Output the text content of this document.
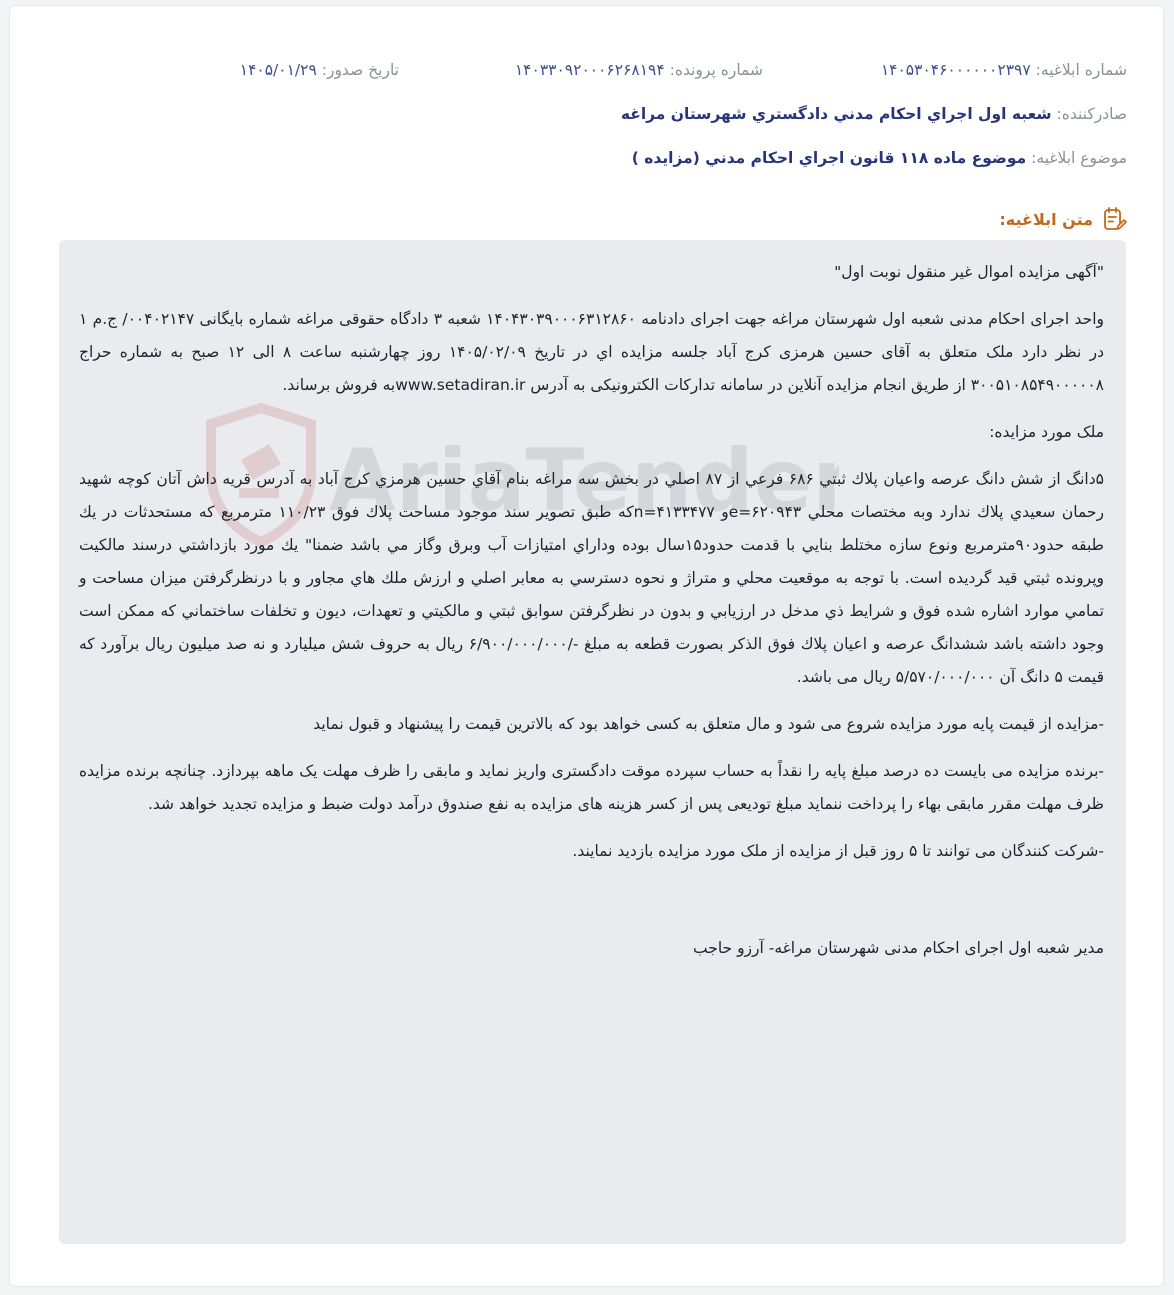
شماره ابلاغيه: ۱۴۰۵۳۰۴۶۰۰۰۰۰۰۲۳۹۷
شماره پرونده: ۱۴۰۳۳۰۹۲۰۰۰۶۲۶۸۱۹۴
تاريخ صدور: ۱۴۰۵/۰۱/۲۹
صادرکننده: شعبه اول اجراي احکام مدني دادگستري شهرستان مراغه
موضوع ابلاغيه: موضوع ماده ۱۱۸ قانون اجراي احکام مدني (مزايده )
متن ابلاغيه:
AriaTender

"آگهی مزایده اموال غیر منقول نوبت اول"

واحد اجرای احکام مدنی شعبه اول شهرستان مراغه جهت اجرای دادنامه ۱۴۰۴۳۰۳۹۰۰۰۶۳۱۲۸۶۰ شعبه ۳ دادگاه حقوقی مراغه شماره بایگانی ۰۰۴۰۲۱۴۷/ ج.م ۱ در نظر دارد ملک متعلق به آقای حسین هرمزی کرج آباد جلسه مزایده اي در تاریخ ۱۴۰۵/۰۲/۰۹ روز چهارشنبه ساعت ۸ الی ۱۲ صبح به شماره حراج ۳۰۰۵۱۰۸۵۴۹۰۰۰۰۰۸ از طریق انجام مزایده آنلاین در سامانه تدارکات الکترونیکی به آدرس www.setadiran.irبه فروش برساند.

ملک مورد مزایده:

۵دانگ از شش دانگ عرصه واعيان پلاك ثبتي ۶۸۶ فرعي از ۸۷ اصلي در بخش سه مراغه بنام آقاي حسين هرمزي كرج آباد به آدرس قريه داش آتان كوچه شهيد رحمان سعيدي پلاك ندارد وبه مختصات محلي e=۶۲۰۹۴۳و n=۴۱۳۳۴۷۷كه طبق تصوير سند موجود مساحت پلاك فوق ۱۱۰/۲۳ مترمربع كه مستحدثات در يك طبقه حدود۹۰مترمربع ونوع سازه مختلط بنايي با قدمت حدود۱۵سال بوده وداراي امتيازات آب وبرق وگاز مي باشد ضمنا" يك مورد بازداشتي درسند مالكيت وپرونده ثبتي قيد گرديده است. با توجه به موقعيت محلي و متراژ و نحوه دسترسي به معابر اصلي و ارزش ملك هاي مجاور و با درنظرگرفتن ميزان مساحت و تمامي موارد اشاره شده فوق و شرايط ذي مدخل در ارزيابي و بدون در نظرگرفتن سوابق ثبتي و مالكيتي و تعهدات، ديون و تخلفات ساختماني كه ممكن است وجود داشته باشد ششدانگ عرصه و اعيان پلاك فوق الذكر بصورت قطعه به مبلغ -/۶/۹۰۰/۰۰۰/۰۰۰ ريال به حروف شش ميليارد و نه صد ميليون ريال برآورد كه قیمت ۵ دانگ آن ۵/۵۷۰/۰۰۰/۰۰۰ ریال می باشد.

-مزایده از قیمت پایه مورد مزایده شروع می شود و مال متعلق به کسی خواهد بود که بالاترین قیمت را پیشنهاد و قبول نماید

-برنده مزایده می بایست ده درصد مبلغ پایه را نقداً به حساب سپرده موقت دادگستری واریز نماید و مابقی را ظرف مهلت یک ماهه بپردازد. چنانچه برنده مزایده ظرف مهلت مقرر مابقی بهاء را پرداخت ننماید مبلغ تودیعی پس از کسر هزینه های مزایده به نفع صندوق درآمد دولت ضبط و مزایده تجدید خواهد شد.

-شرکت کنندگان می توانند تا ۵ روز قبل از مزایده از ملک مورد مزایده بازدید نمایند.

مدیر شعبه اول اجرای احکام مدنی شهرستان مراغه- آرزو حاجب
